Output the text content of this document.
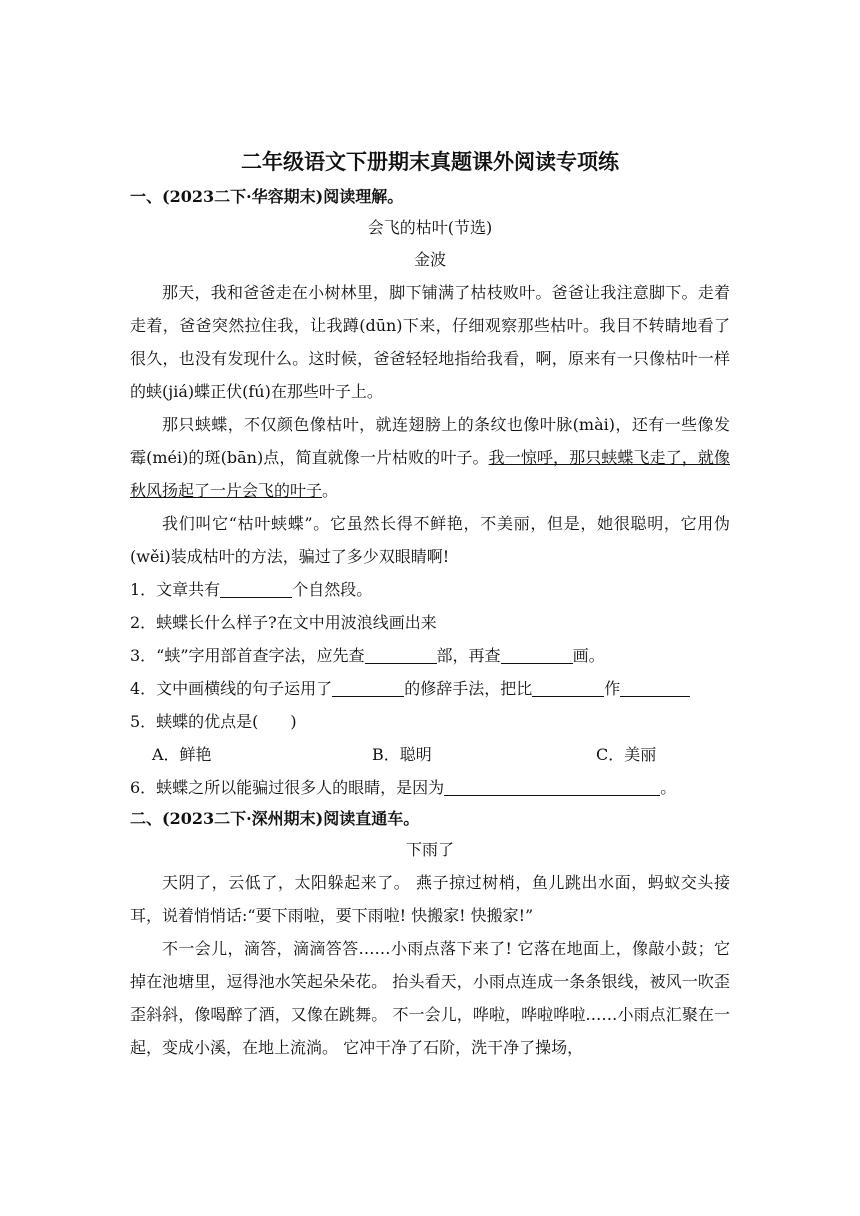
二年级语文下册期末真题课外阅读专项练

一、(2023二下·华容期末)阅读理解。

会飞的枯叶(节选)

金波

那天，我和爸爸走在小树林里，脚下铺满了枯枝败叶。爸爸让我注意脚下。走着走着，爸爸突然拉住我，让我蹲(dūn)下来，仔细观察那些枯叶。我目不转睛地看了很久，也没有发现什么。这时候，爸爸轻轻地指给我看，啊，原来有一只像枯叶一样的蛱(jiá)蝶正伏(fú)在那些叶子上。

那只蛱蝶，不仅颜色像枯叶，就连翅膀上的条纹也像叶脉(mài)，还有一些像发霉(méi)的斑(bān)点，简直就像一片枯败的叶子。我一惊呼，那只蛱蝶飞走了，就像秋风扬起了一片会飞的叶子。

我们叫它“枯叶蛱蝶”。它虽然长得不鲜艳，不美丽，但是，她很聪明，它用伪(wěi)装成枯叶的方法，骗过了多少双眼睛啊!

1．文章共有	个自然段。

2．蛱蝶长什么样子?在文中用波浪线画出来

3．“蛱”字用部首查字法，应先查	部，再查	画。

4．文中画横线的句子运用了	的修辞手法，把比	作

5．蛱蝶的优点是(　　)

A．鲜艳	B．聪明	C．美丽

6．蛱蝶之所以能骗过很多人的眼睛，是因为	。

二、(2023二下·深州期末)阅读直通车。

下雨了

天阴了，云低了，太阳躲起来了。 燕子掠过树梢，鱼儿跳出水面，蚂蚁交头接耳，说着悄悄话:“要下雨啦，要下雨啦! 快搬家! 快搬家!”

不一会儿，滴答，滴滴答答……小雨点落下来了! 它落在地面上，像敲小鼓；它掉在池塘里，逗得池水笑起朵朵花。 抬头看天，小雨点连成一条条银线，被风一吹歪歪斜斜，像喝醉了酒，又像在跳舞。 不一会儿，哗啦，哗啦哗啦……小雨点汇聚在一起，变成小溪，在地上流淌。 它冲干净了石阶，洗干净了操场，
